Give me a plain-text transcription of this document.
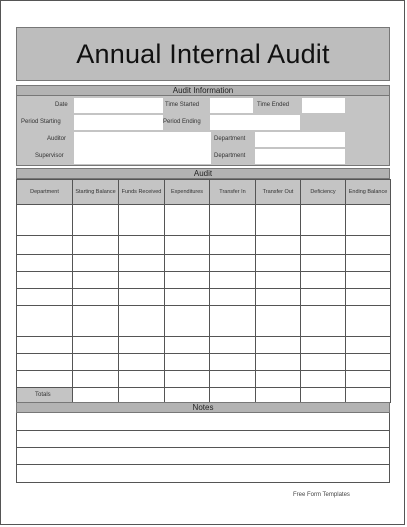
Annual Internal Audit
Audit Information
Date	Time Started	Time Ended
Period Starting	Period Ending
Auditor	Department
Supervisor	Department
Audit
Department	Starting Balance	Funds Received	Expenditures	Transfer In	Transfer Out	Deficiency	Ending Balance

Totals							
Notes
Free Form Templates
